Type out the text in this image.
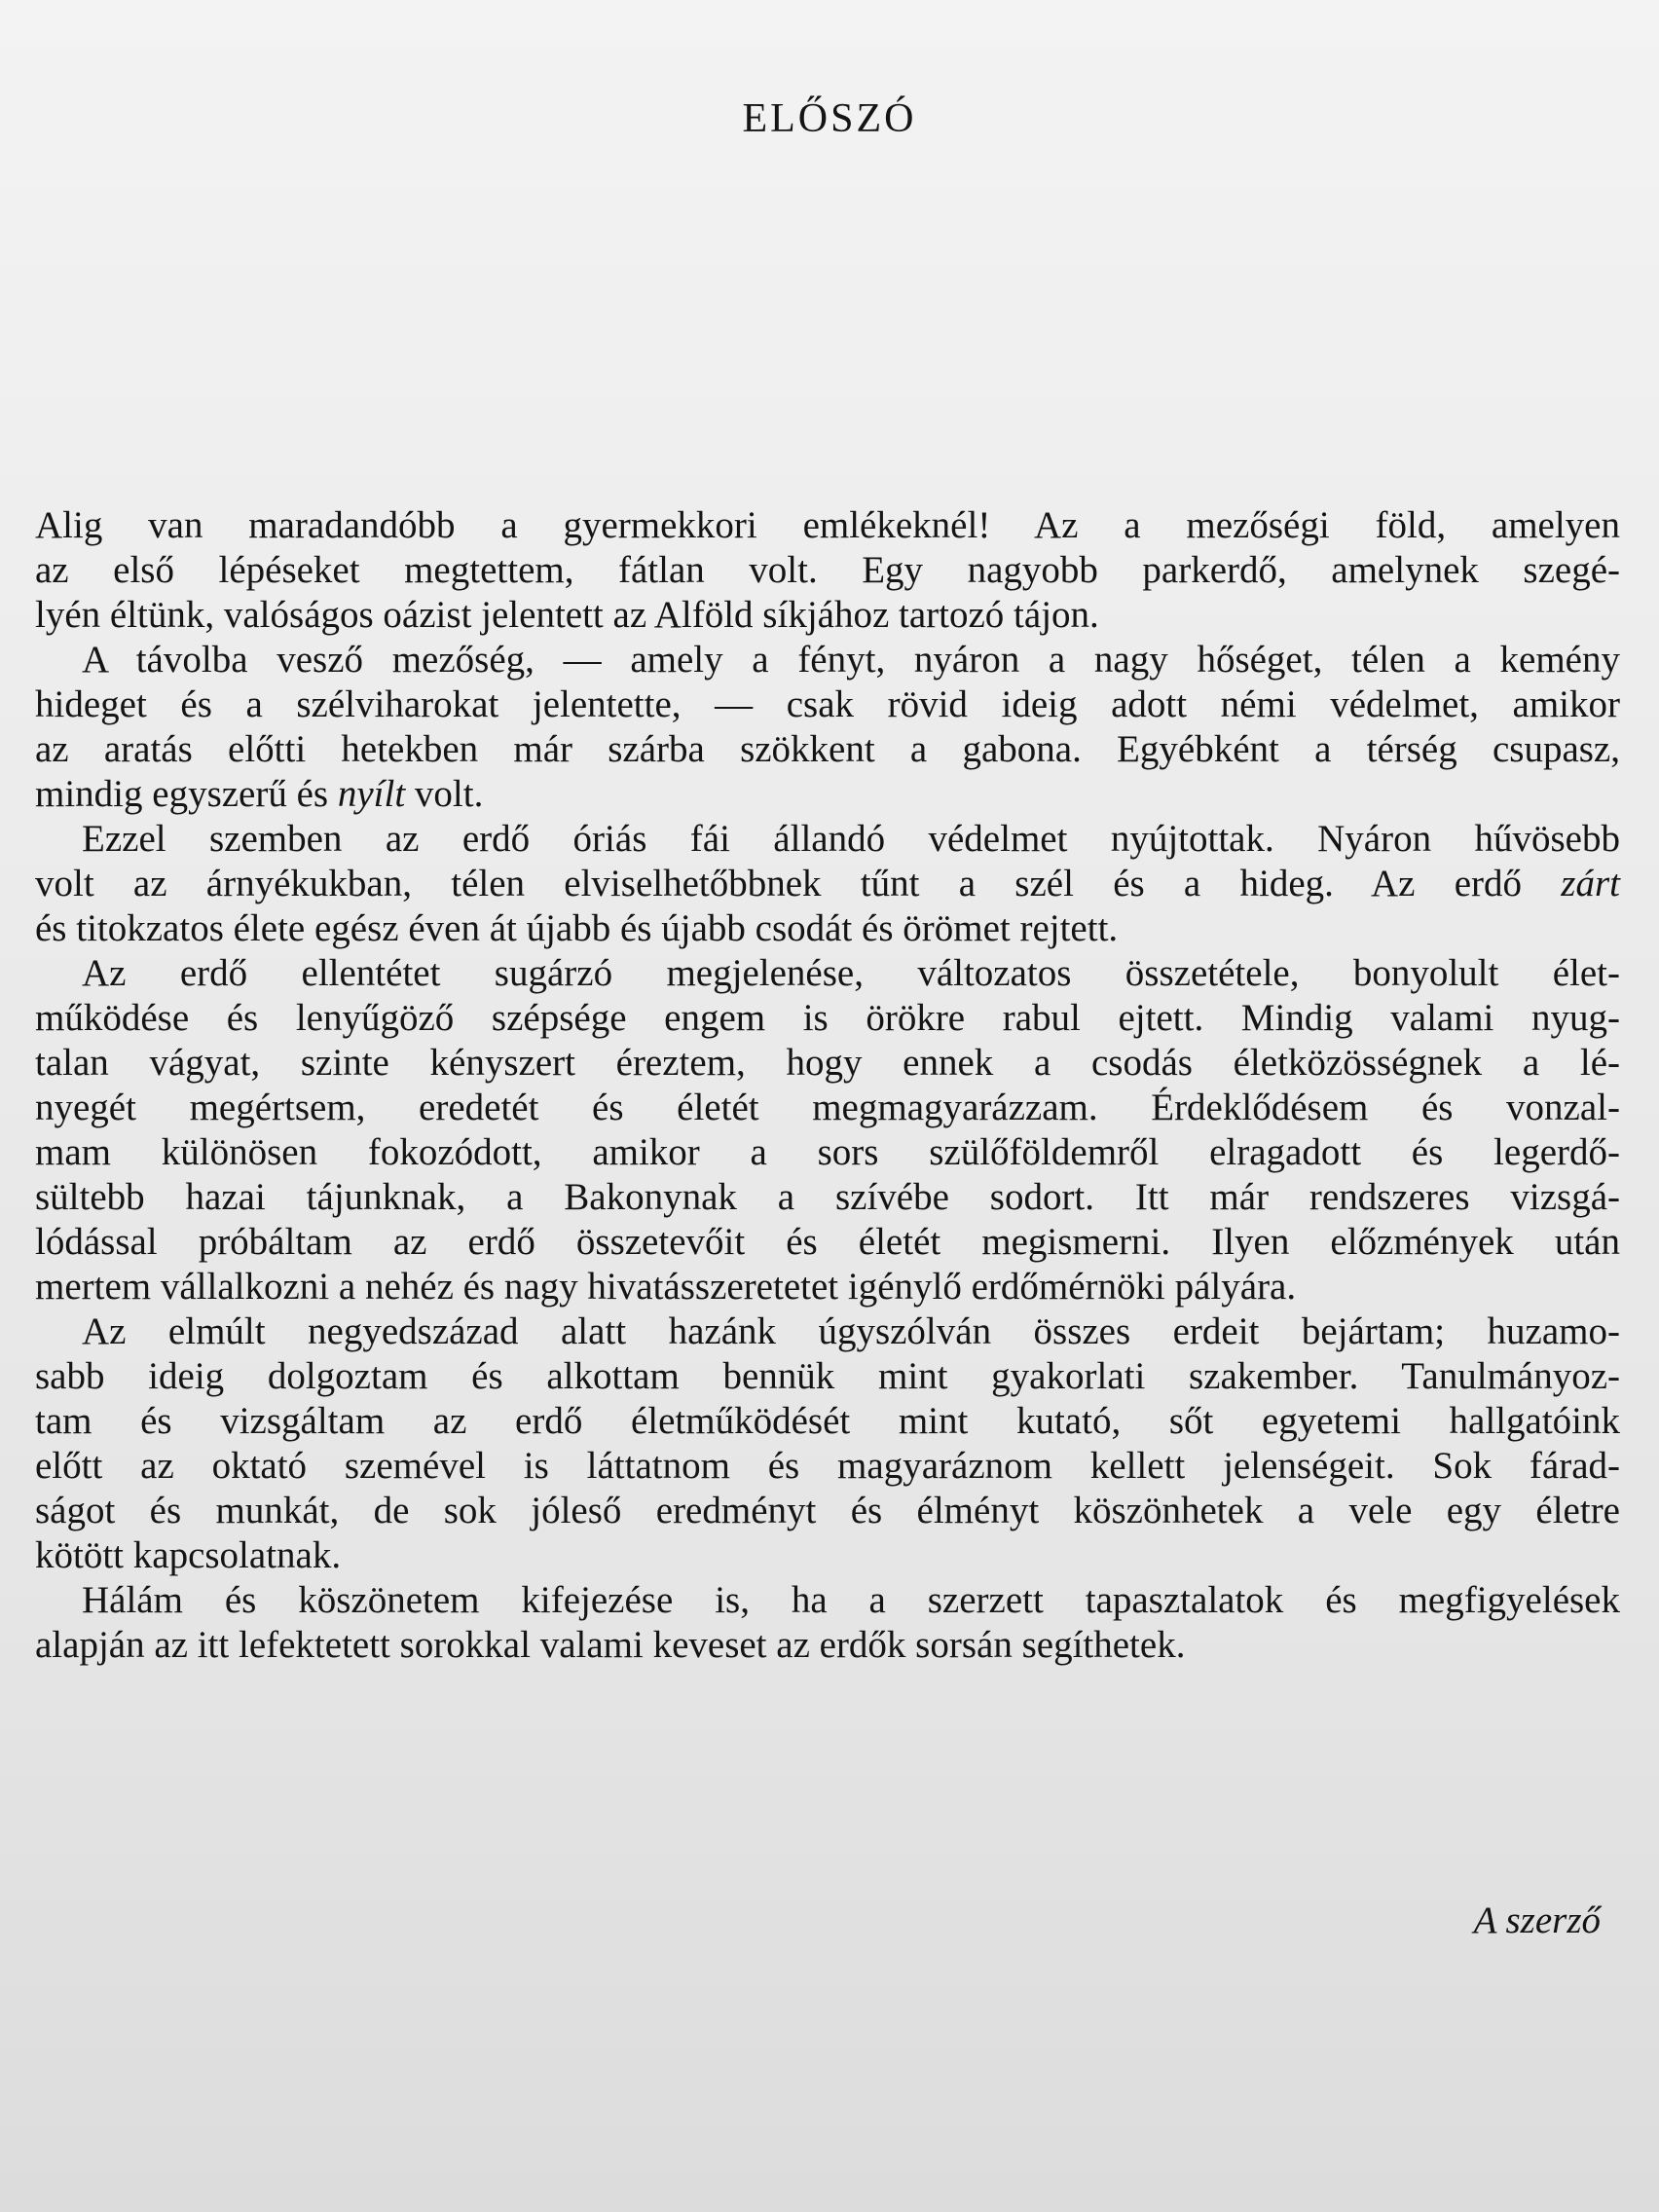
ELŐSZÓ

Alig van maradandóbb a gyermekkori emlékeknél! Az a mezőségi föld, amelyen
az első lépéseket megtettem, fátlan volt. Egy nagyobb parkerdő, amelynek szegé-
lyén éltünk, valóságos oázist jelentett az Alföld síkjához tartozó tájon.

A távolba vesző mezőség, — amely a fényt, nyáron a nagy hőséget, télen a kemény
hideget és a szélviharokat jelentette, — csak rövid ideig adott némi védelmet, amikor
az aratás előtti hetekben már szárba szökkent a gabona. Egyébként a térség csupasz,
mindig egyszerű és nyílt volt.

Ezzel szemben az erdő óriás fái állandó védelmet nyújtottak. Nyáron hűvösebb
volt az árnyékukban, télen elviselhetőbbnek tűnt a szél és a hideg. Az erdő zárt
és titokzatos élete egész éven át újabb és újabb csodát és örömet rejtett.

Az erdő ellentétet sugárzó megjelenése, változatos összetétele, bonyolult élet-
működése és lenyűgöző szépsége engem is örökre rabul ejtett. Mindig valami nyug-
talan vágyat, szinte kényszert éreztem, hogy ennek a csodás életközösségnek a lé-
nyegét megértsem, eredetét és életét megmagyarázzam. Érdeklődésem és vonzal-
mam különösen fokozódott, amikor a sors szülőföldemről elragadott és legerdő-
sültebb hazai tájunknak, a Bakonynak a szívébe sodort. Itt már rendszeres vizsgá-
lódással próbáltam az erdő összetevőit és életét megismerni. Ilyen előzmények után
mertem vállalkozni a nehéz és nagy hivatásszeretetet igénylő erdőmérnöki pályára.

Az elmúlt negyedszázad alatt hazánk úgyszólván összes erdeit bejártam; huzamo-
sabb ideig dolgoztam és alkottam bennük mint gyakorlati szakember. Tanulmányoz-
tam és vizsgáltam az erdő életműködését mint kutató, sőt egyetemi hallgatóink
előtt az oktató szemével is láttatnom és magyaráznom kellett jelenségeit. Sok fárad-
ságot és munkát, de sok jóleső eredményt és élményt köszönhetek a vele egy életre
kötött kapcsolatnak.

Hálám és köszönetem kifejezése is, ha a szerzett tapasztalatok és megfigyelések
alapján az itt lefektetett sorokkal valami keveset az erdők sorsán segíthetek.

A szerző
